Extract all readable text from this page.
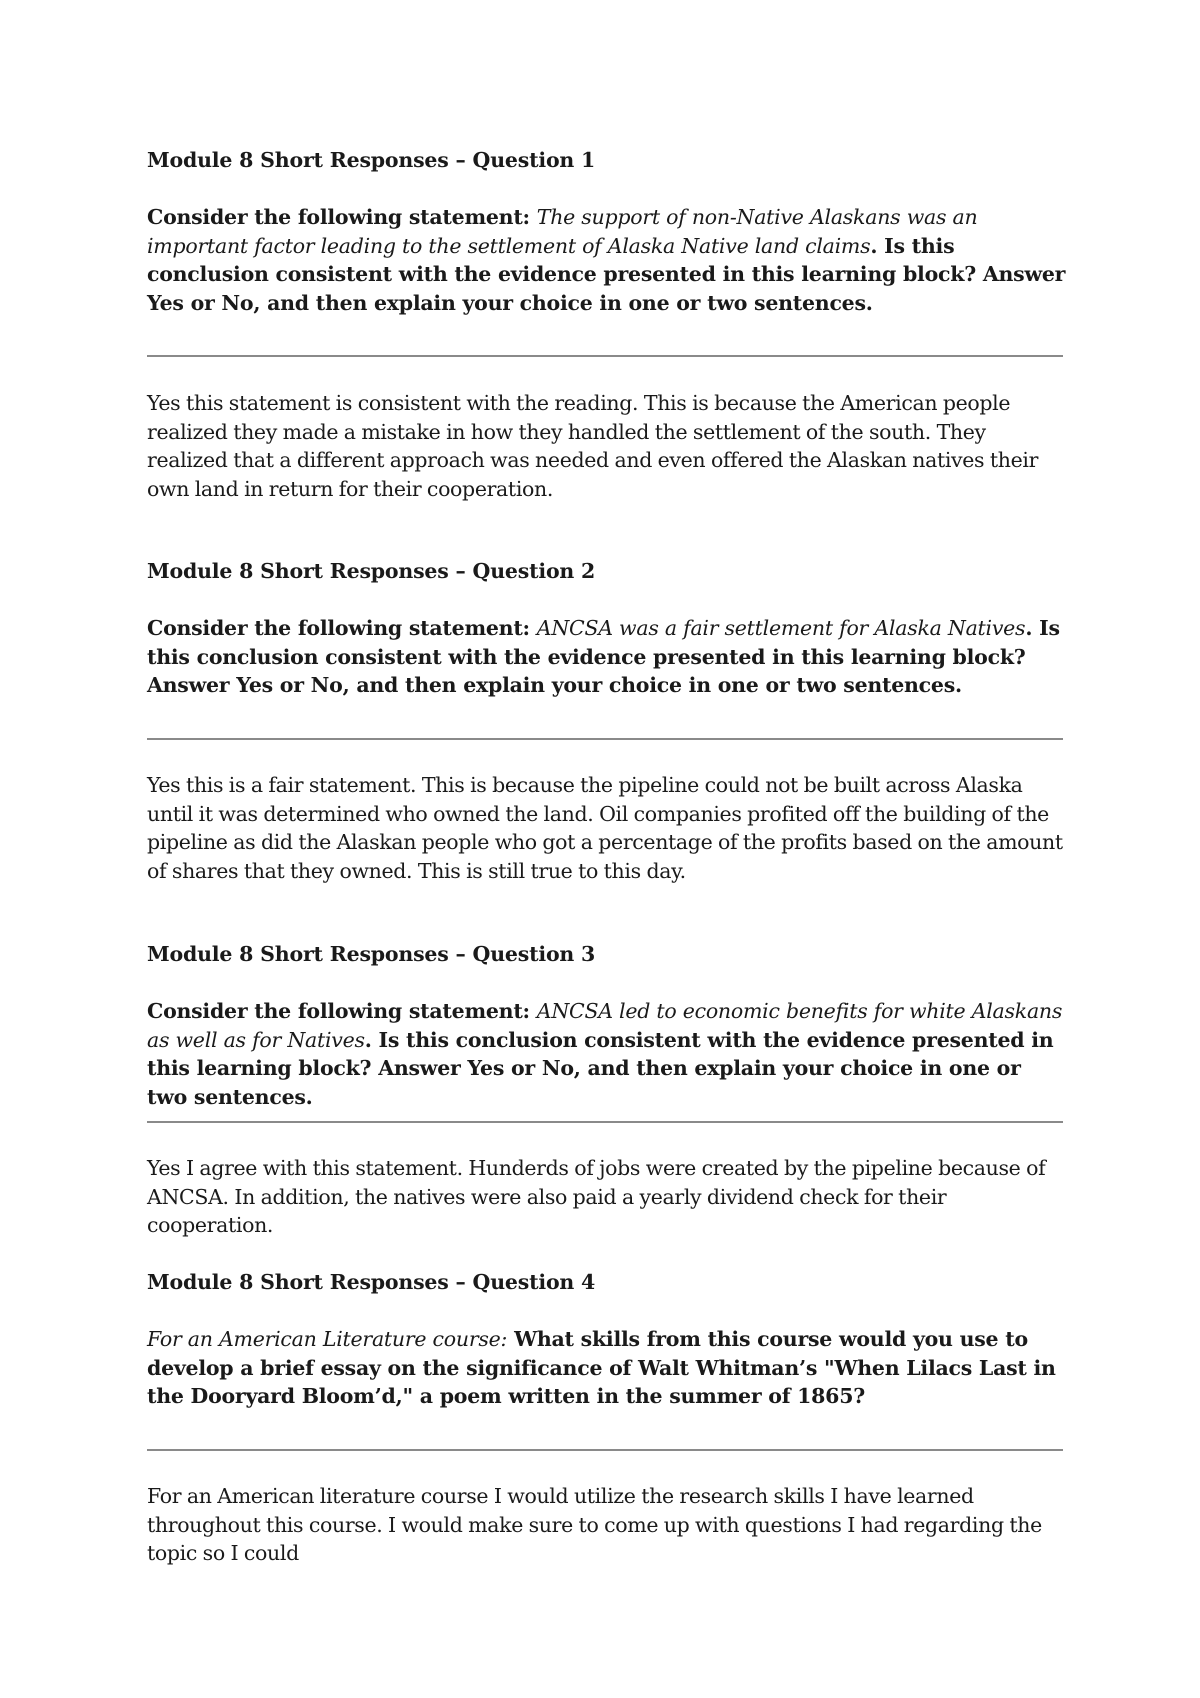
Module 8 Short Responses – Question 1
Consider the following statement: The support of non-Native Alaskans was an important factor leading to the settlement of Alaska Native land claims. Is this conclusion consistent with the evidence presented in this learning block? Answer Yes or No, and then explain your choice in one or two sentences.
Yes this statement is consistent with the reading. This is because the American people realized they made a mistake in how they handled the settlement of the south. They realized that a different approach was needed and even offered the Alaskan natives their own land in return for their cooperation.
Module 8 Short Responses – Question 2
Consider the following statement: ANCSA was a fair settlement for Alaska Natives. Is this conclusion consistent with the evidence presented in this learning block? Answer Yes or No, and then explain your choice in one or two sentences.
Yes this is a fair statement. This is because the pipeline could not be built across Alaska until it was determined who owned the land. Oil companies profited off the building of the pipeline as did the Alaskan people who got a percentage of the profits based on the amount of shares that they owned. This is still true to this day.
Module 8 Short Responses – Question 3
Consider the following statement: ANCSA led to economic benefits for white Alaskans as well as for Natives. Is this conclusion consistent with the evidence presented in this learning block? Answer Yes or No, and then explain your choice in one or two sentences.
Yes I agree with this statement. Hunderds of jobs were created by the pipeline because of ANCSA. In addition, the natives were also paid a yearly dividend check for their cooperation.
Module 8 Short Responses – Question 4
For an American Literature course: What skills from this course would you use to develop a brief essay on the significance of Walt Whitman’s "When Lilacs Last in the Dooryard Bloom’d," a poem written in the summer of 1865?
For an American literature course I would utilize the research skills I have learned throughout this course. I would make sure to come up with questions I had regarding the topic so I could
